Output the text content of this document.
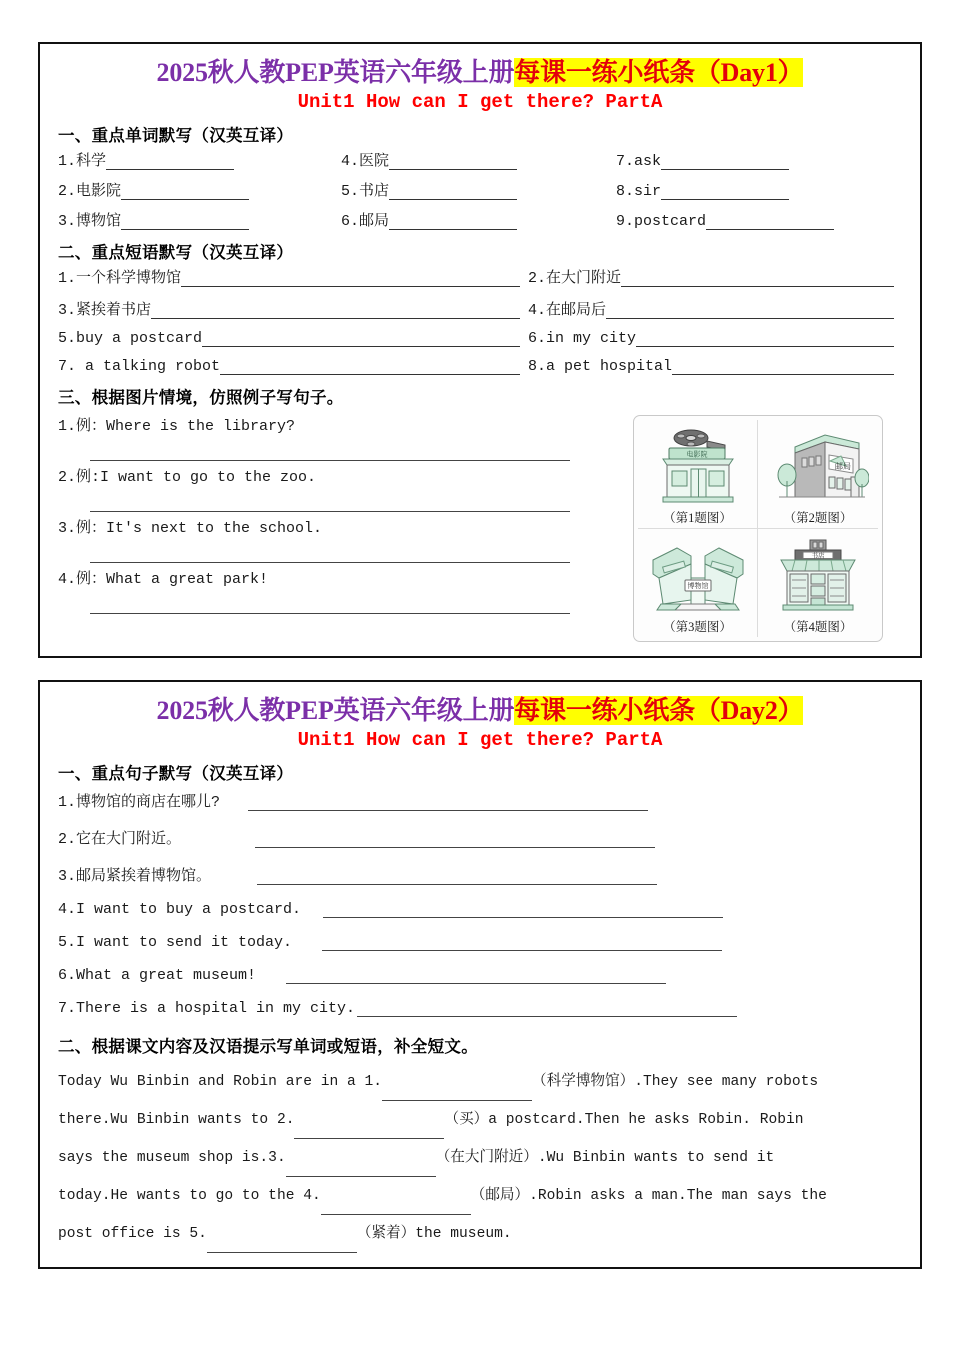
2025秋人教PEP英语六年级上册每课一练小纸条（Day1）
Unit1 How can I get there? PartA
一、重点单词默写（汉英互译）
1.科学	4.医院	7.ask
2.电影院	5.书店	8.sir
3.博物馆	6.邮局	9.postcard
二、重点短语默写（汉英互译）
1.一个科学博物馆	2.在大门附近
3.紧挨着书店	4.在邮局后
5.buy a postcard	6.in my city
7. a talking robot	8.a pet hospital
三、根据图片情境，仿照例子写句子。
1.例：Where is the library?
2.例:I want to go to the zoo.
3.例：It's next to the school.
4.例：What a great park!
电影院
（第1题图）
邮局
（第2题图）
博物馆
（第3题图）
书店
（第4题图）
2025秋人教PEP英语六年级上册每课一练小纸条（Day2）
Unit1 How can I get there? PartA
一、重点句子默写（汉英互译）
1.博物馆的商店在哪儿?
2.它在大门附近。
3.邮局紧挨着博物馆。
4.I want to buy a postcard.
5.I want to send it today.
6.What a great museum!
7.There is a hospital in my city.
二、根据课文内容及汉语提示写单词或短语，补全短文。
Today Wu Binbin and Robin are in a 1.	（科学博物馆）.They see many robots
there.Wu Binbin wants to 2.	（买）a postcard.Then he asks Robin. Robin
says the museum shop is.3.	（在大门附近）.Wu Binbin wants to send it
today.He wants to go to the 4.	（邮局）.Robin asks a man.The man says the
post office is 5.	（紧着）the museum.
